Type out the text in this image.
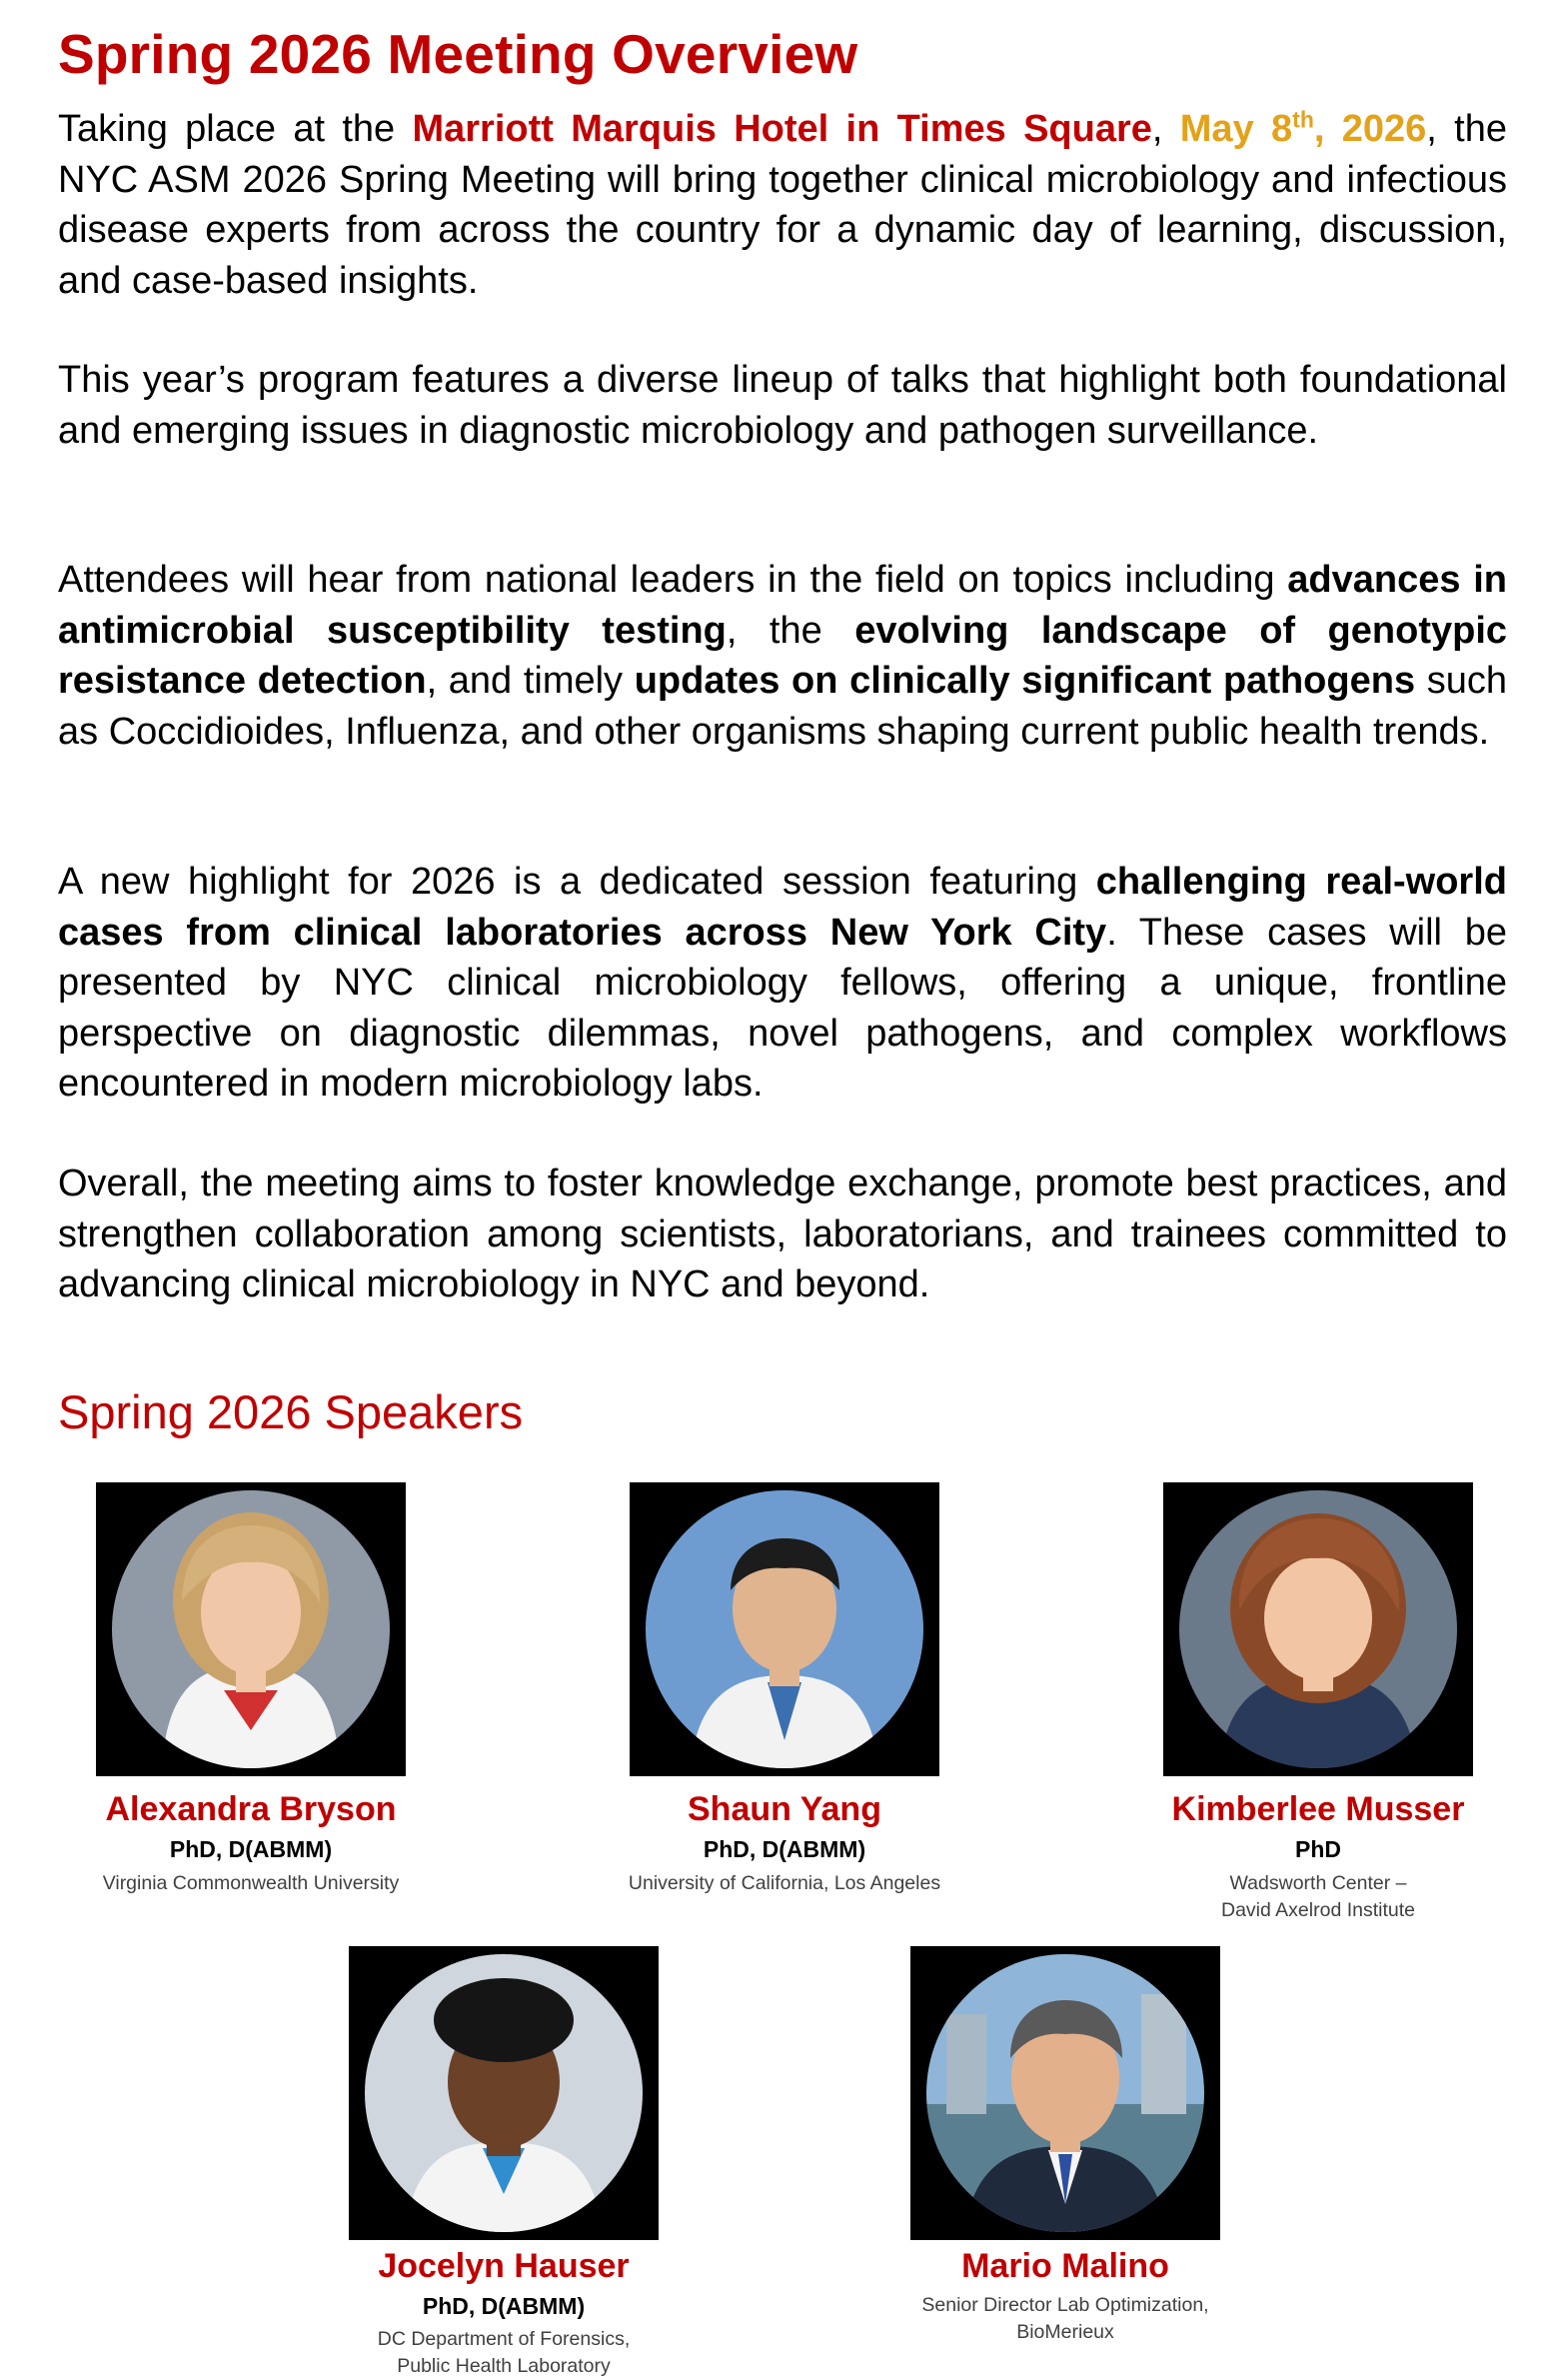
Spring 2026 Meeting Overview
Taking place at the Marriott Marquis Hotel in Times Square, May 8th, 2026, the NYC ASM 2026 Spring Meeting will bring together clinical microbiology and infectious disease experts from across the country for a dynamic day of learning, discussion, and case-based insights.
This year’s program features a diverse lineup of talks that highlight both foundational and emerging issues in diagnostic microbiology and pathogen surveillance.
Attendees will hear from national leaders in the field on topics including advances in antimicrobial susceptibility testing, the evolving landscape of genotypic resistance detection, and timely updates on clinically significant pathogens such as Coccidioides, Influenza, and other organisms shaping current public health trends.
A new highlight for 2026 is a dedicated session featuring challenging real-world cases from clinical laboratories across New York City. These cases will be presented by NYC clinical microbiology fellows, offering a unique, frontline perspective on diagnostic dilemmas, novel pathogens, and complex workflows encountered in modern microbiology labs.
Overall, the meeting aims to foster knowledge exchange, promote best practices, and strengthen collaboration among scientists, laboratorians, and trainees committed to advancing clinical microbiology in NYC and beyond.
Spring 2026 Speakers
Alexandra Bryson
PhD, D(ABMM)
Virginia Commonwealth University
Shaun Yang
PhD, D(ABMM)
University of California, Los Angeles
Kimberlee Musser
PhD
Wadsworth Center –
David Axelrod Institute
Jocelyn Hauser
PhD, D(ABMM)
DC Department of Forensics,
Public Health Laboratory
Mario Malino
Senior Director Lab Optimization,
BioMerieux
